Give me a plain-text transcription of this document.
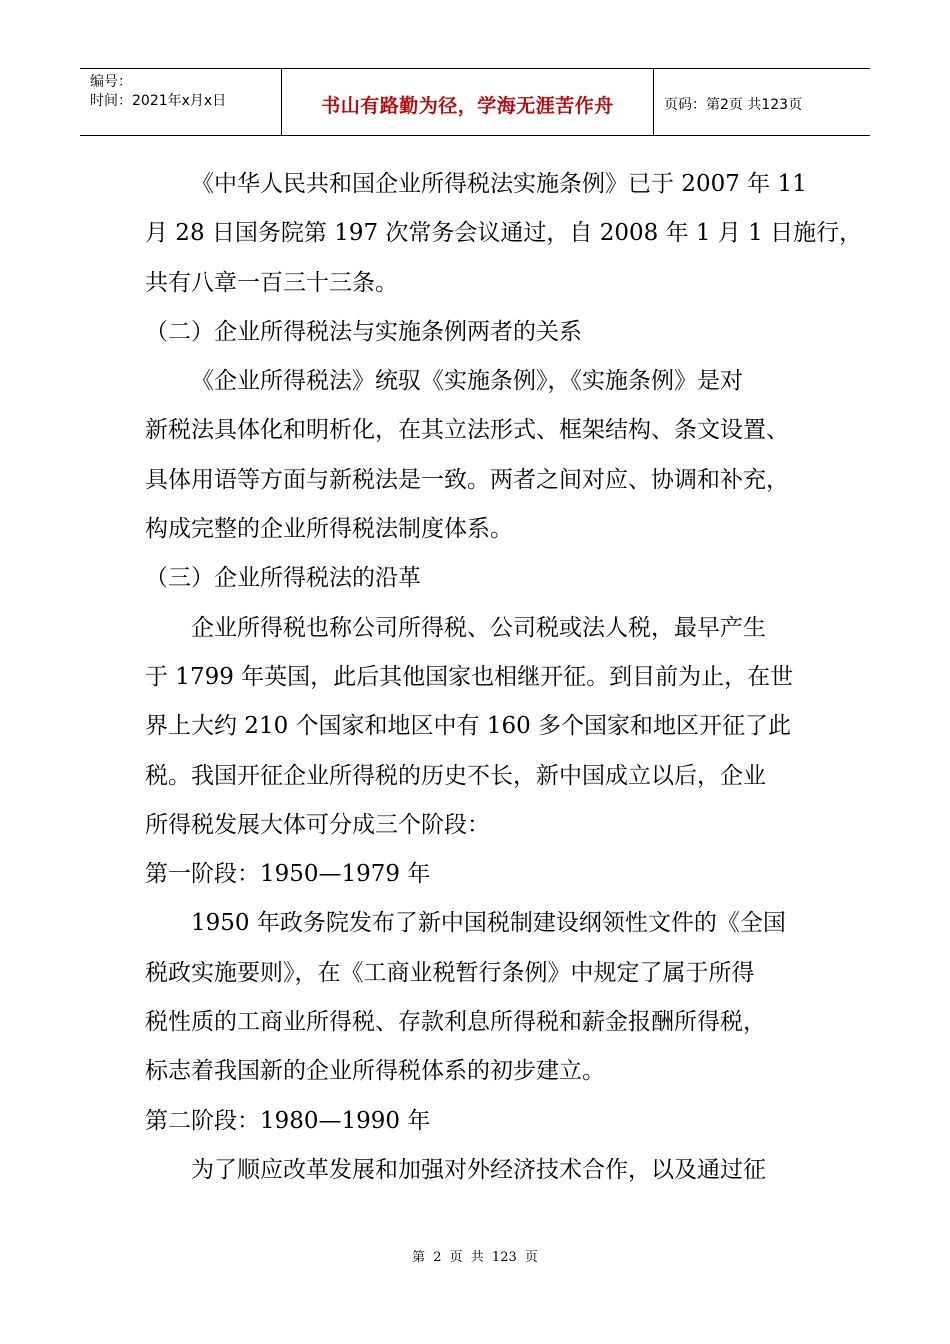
编号：
时间：2021年x月x日	书山有路勤为径，学海无涯苦作舟	页码：第2页 共123页
《中华人民共和国企业所得税法实施条例》已于 2007 年 11
月 28 日国务院第 197 次常务会议通过，自 2008 年 1 月 1 日施行，
共有八章一百三十三条。
（二）企业所得税法与实施条例两者的关系
《企业所得税法》统驭《实施条例》，《实施条例》是对
新税法具体化和明析化，在其立法形式、框架结构、条文设置、
具体用语等方面与新税法是一致。两者之间对应、协调和补充，
构成完整的企业所得税法制度体系。
（三）企业所得税法的沿革
企业所得税也称公司所得税、公司税或法人税，最早产生
于 1799 年英国，此后其他国家也相继开征。到目前为止，在世
界上大约 210 个国家和地区中有 160 多个国家和地区开征了此
税。我国开征企业所得税的历史不长，新中国成立以后，企业
所得税发展大体可分成三个阶段：
第一阶段：1950—1979 年
1950 年政务院发布了新中国税制建设纲领性文件的《全国
税政实施要则》，在《工商业税暂行条例》中规定了属于所得
税性质的工商业所得税、存款利息所得税和薪金报酬所得税，
标志着我国新的企业所得税体系的初步建立。
第二阶段：1980—1990 年
为了顺应改革发展和加强对外经济技术合作，以及通过征
第 2 页 共 123 页
